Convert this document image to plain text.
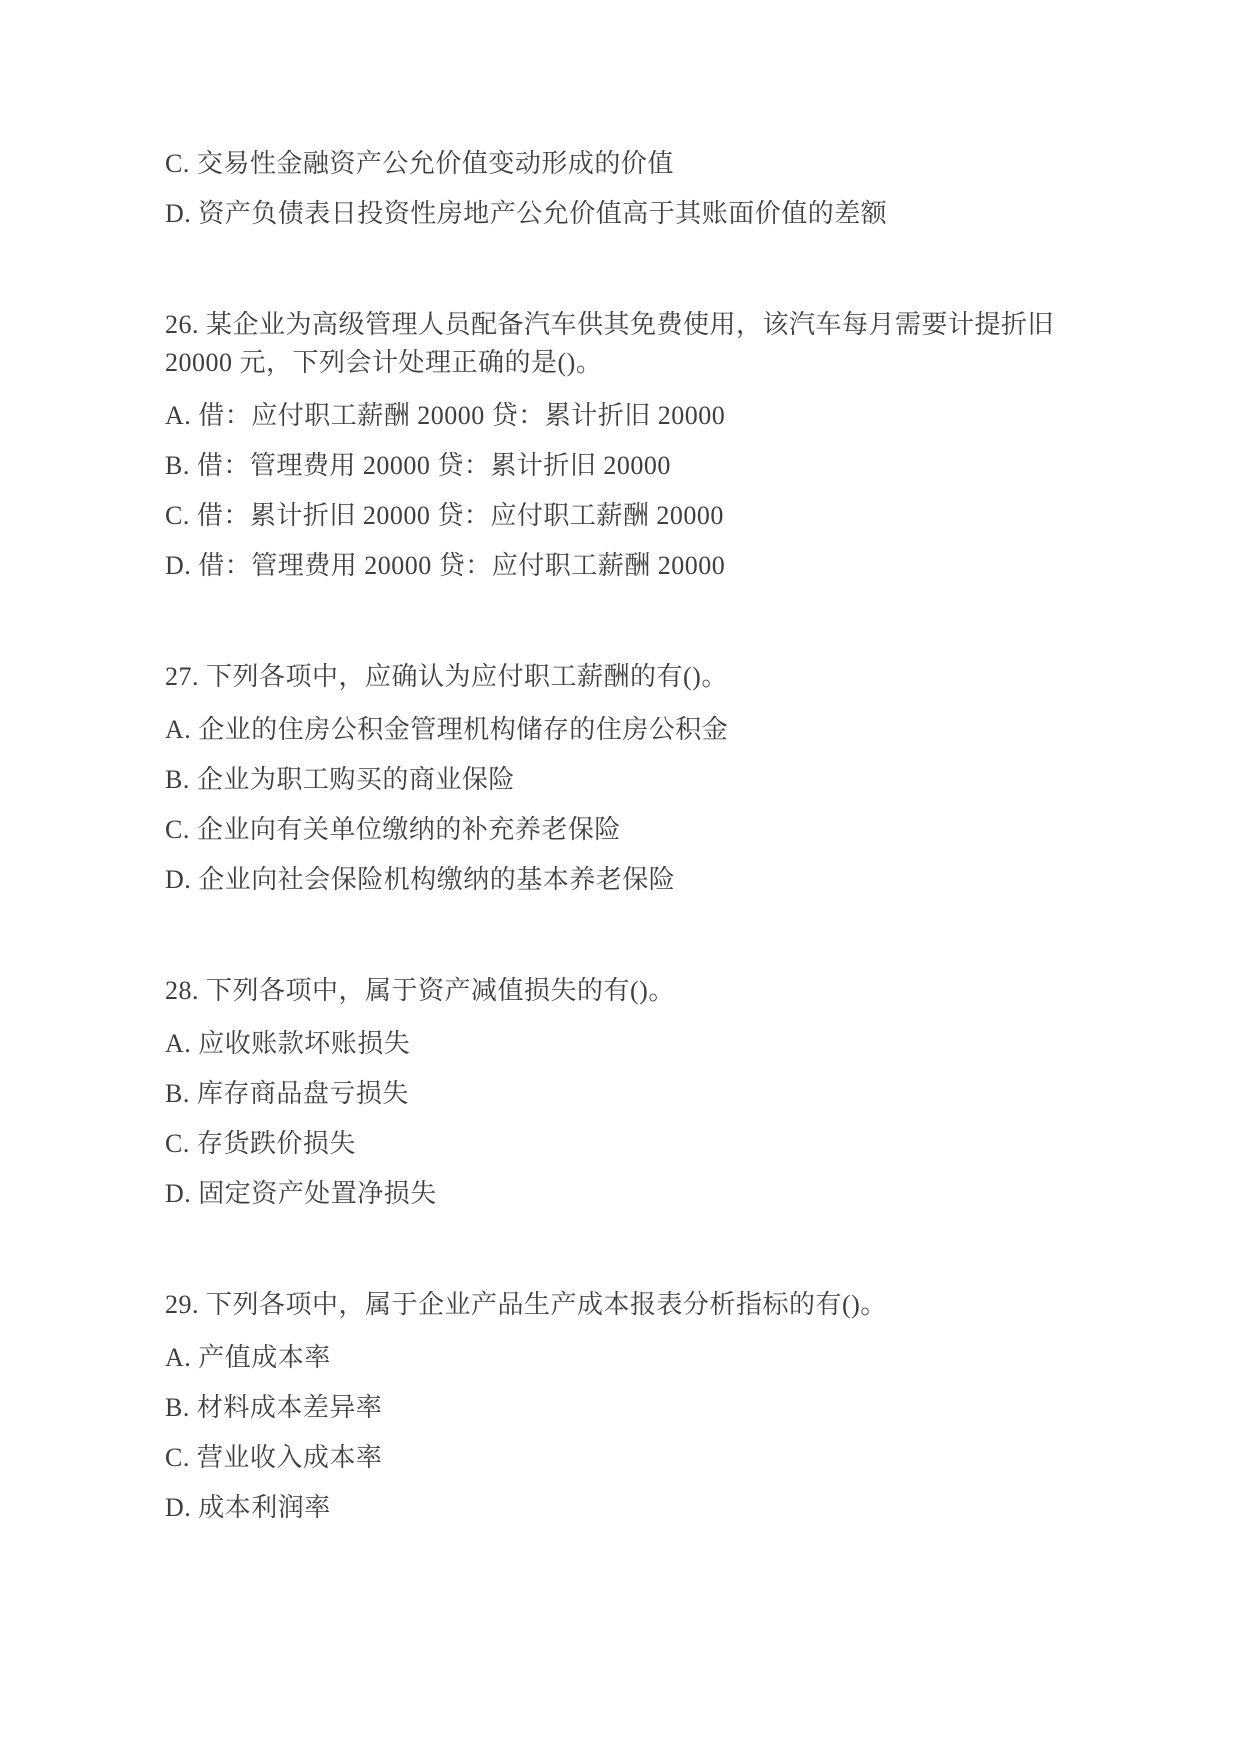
C. 交易性金融资产公允价值变动形成的价值

D. 资产负债表日投资性房地产公允价值高于其账面价值的差额

26. 某企业为高级管理人员配备汽车供其免费使用，该汽车每月需要计提折旧 20000 元，下列会计处理正确的是()。

A. 借：应付职工薪酬 20000 贷：累计折旧 20000

B. 借：管理费用 20000 贷：累计折旧 20000

C. 借：累计折旧 20000 贷：应付职工薪酬 20000

D. 借：管理费用 20000 贷：应付职工薪酬 20000

27. 下列各项中，应确认为应付职工薪酬的有()。

A. 企业的住房公积金管理机构储存的住房公积金

B. 企业为职工购买的商业保险

C. 企业向有关单位缴纳的补充养老保险

D. 企业向社会保险机构缴纳的基本养老保险

28. 下列各项中，属于资产减值损失的有()。

A. 应收账款坏账损失

B. 库存商品盘亏损失

C. 存货跌价损失

D. 固定资产处置净损失

29. 下列各项中，属于企业产品生产成本报表分析指标的有()。

A. 产值成本率

B. 材料成本差异率

C. 营业收入成本率

D. 成本利润率
